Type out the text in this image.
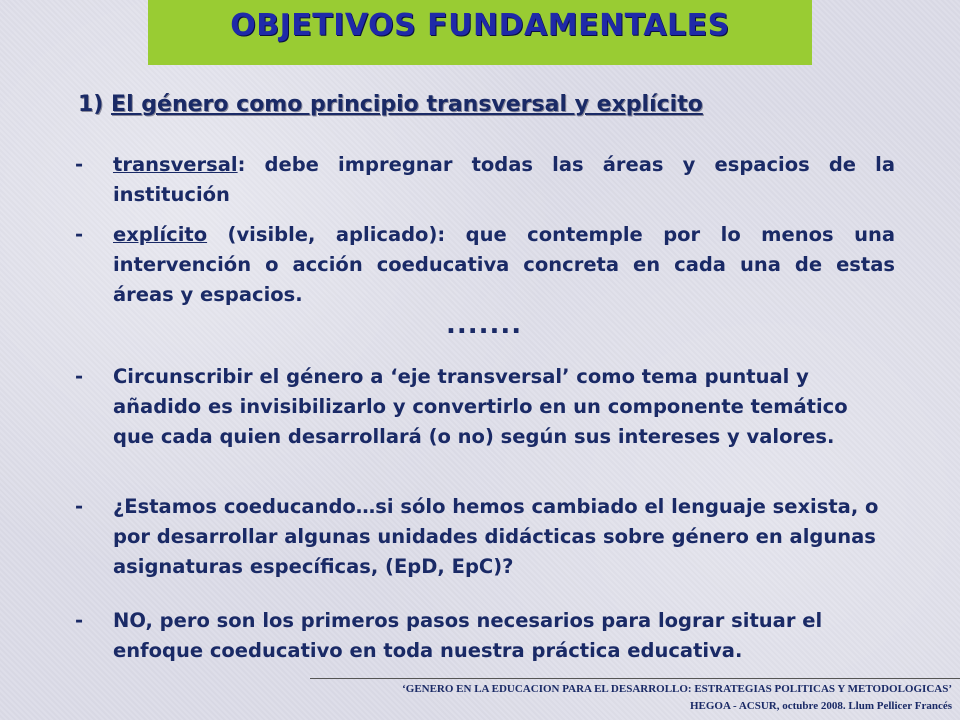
OBJETIVOS FUNDAMENTALES
1) El género como principio transversal y explícito
-	transversal: debe impregnar todas las áreas y espacios de la institución
-	explícito (visible, aplicado): que contemple por lo menos una intervención o acción coeducativa concreta en cada una de estas áreas y espacios.
.......
-	Circunscribir el género a ‘eje transversal’ como tema puntual y añadido es invisibilizarlo y convertirlo en un componente temático que cada quien desarrollará (o no) según sus intereses y valores.
-	¿Estamos coeducando…si sólo hemos cambiado el lenguaje sexista, o por desarrollar algunas unidades didácticas sobre género en algunas asignaturas específicas, (EpD, EpC)?
-	NO, pero son los primeros pasos necesarios para lograr situar el enfoque coeducativo en toda nuestra práctica educativa.
‘GENERO EN LA EDUCACION PARA EL DESARROLLO: ESTRATEGIAS POLITICAS Y METODOLOGICAS’
HEGOA - ACSUR, octubre 2008. Llum Pellicer Francés
